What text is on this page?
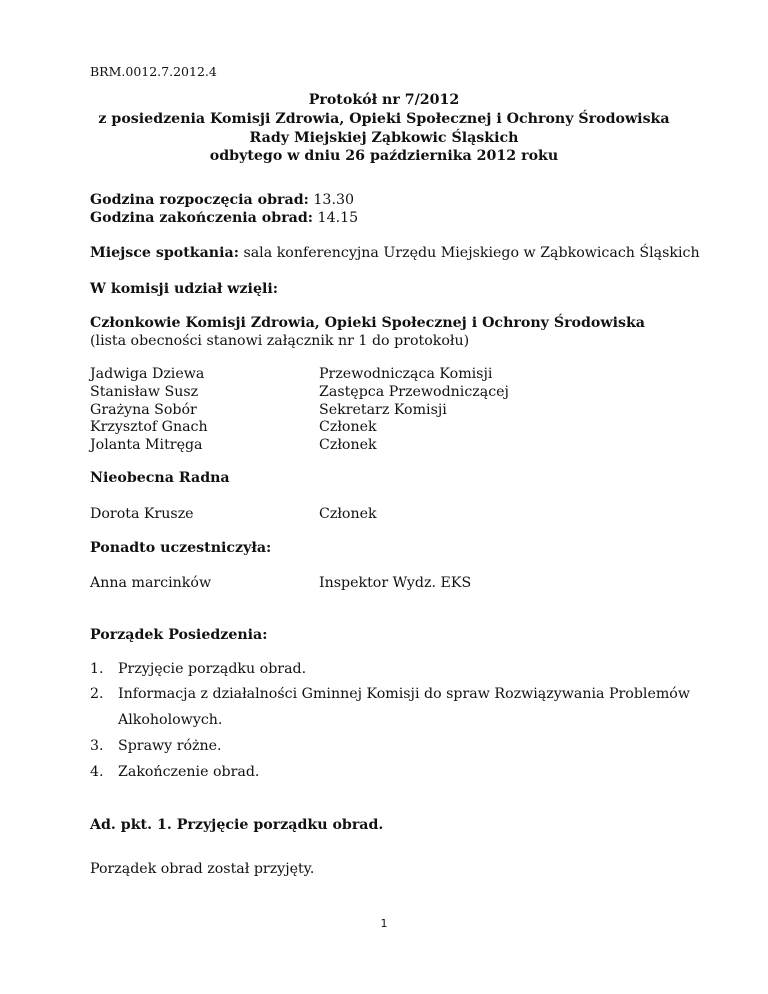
BRM.0012.7.2012.4
Protokół nr 7/2012
z posiedzenia Komisji Zdrowia, Opieki Społecznej i Ochrony Środowiska
Rady Miejskiej Ząbkowic Śląskich
odbytego w dniu 26 października 2012 roku
Godzina rozpoczęcia obrad: 13.30
Godzina zakończenia obrad: 14.15
Miejsce spotkania: sala konferencyjna Urzędu Miejskiego w Ząbkowicach Śląskich
W komisji udział wzięli:
Członkowie Komisji Zdrowia, Opieki Społecznej i Ochrony Środowiska
(lista obecności stanowi załącznik nr 1 do protokołu)
Jadwiga Dziewa	Przewodnicząca Komisji
Stanisław Susz	Zastępca Przewodniczącej
Grażyna Sobór	Sekretarz Komisji
Krzysztof Gnach	Członek
Jolanta Mitręga	Członek
Nieobecna Radna
Dorota Krusze	Członek
Ponadto uczestniczyła:
Anna marcinków	Inspektor Wydz. EKS
Porządek Posiedzenia:
1. Przyjęcie porządku obrad.
2. Informacja z działalności Gminnej Komisji do spraw Rozwiązywania Problemów
Alkoholowych.
3. Sprawy różne.
4. Zakończenie obrad.
Ad. pkt. 1. Przyjęcie porządku obrad.
Porządek obrad został przyjęty.
1
